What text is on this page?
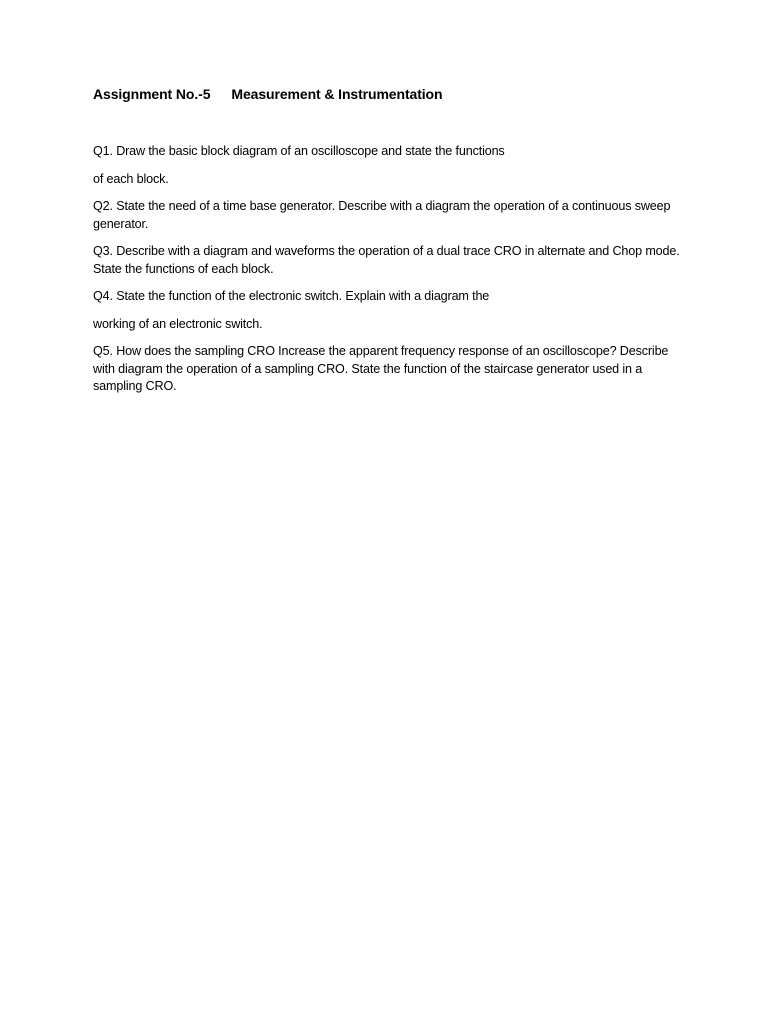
Assignment No.-5 Measurement & Instrumentation

Q1. Draw the basic block diagram of an oscilloscope and state the functions

of each block.

Q2. State the need of a time base generator. Describe with a diagram the operation of a continuous sweep generator.

Q3. Describe with a diagram and waveforms the operation of a dual trace CRO in alternate and Chop mode. State the functions of each block.

Q4. State the function of the electronic switch. Explain with a diagram the

working of an electronic switch.

Q5. How does the sampling CRO Increase the apparent frequency response of an oscilloscope? Describe with diagram the operation of a sampling CRO. State the function of the staircase generator used in a sampling CRO.
